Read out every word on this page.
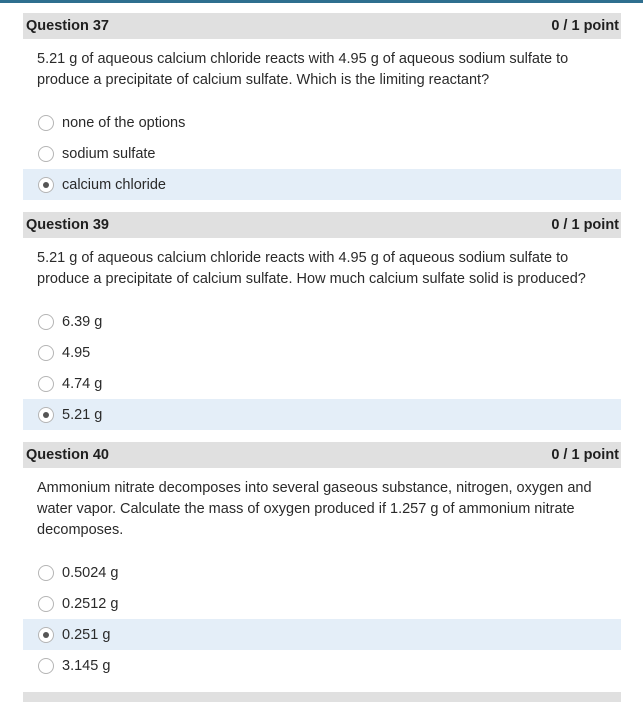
Question 37	0 / 1 point
5.21 g of aqueous calcium chloride reacts with 4.95 g of aqueous sodium sulfate to produce a precipitate of calcium sulfate. Which is the limiting reactant?
none of the options
sodium sulfate
calcium chloride
Question 39	0 / 1 point
5.21 g of aqueous calcium chloride reacts with 4.95 g of aqueous sodium sulfate to produce a precipitate of calcium sulfate. How much calcium sulfate solid is produced?
6.39 g
4.95
4.74 g
5.21 g
Question 40	0 / 1 point
Ammonium nitrate decomposes into several gaseous substance, nitrogen, oxygen and water vapor. Calculate the mass of oxygen produced if 1.257 g of ammonium nitrate decomposes.
0.5024 g
0.2512 g
0.251 g
3.145 g
